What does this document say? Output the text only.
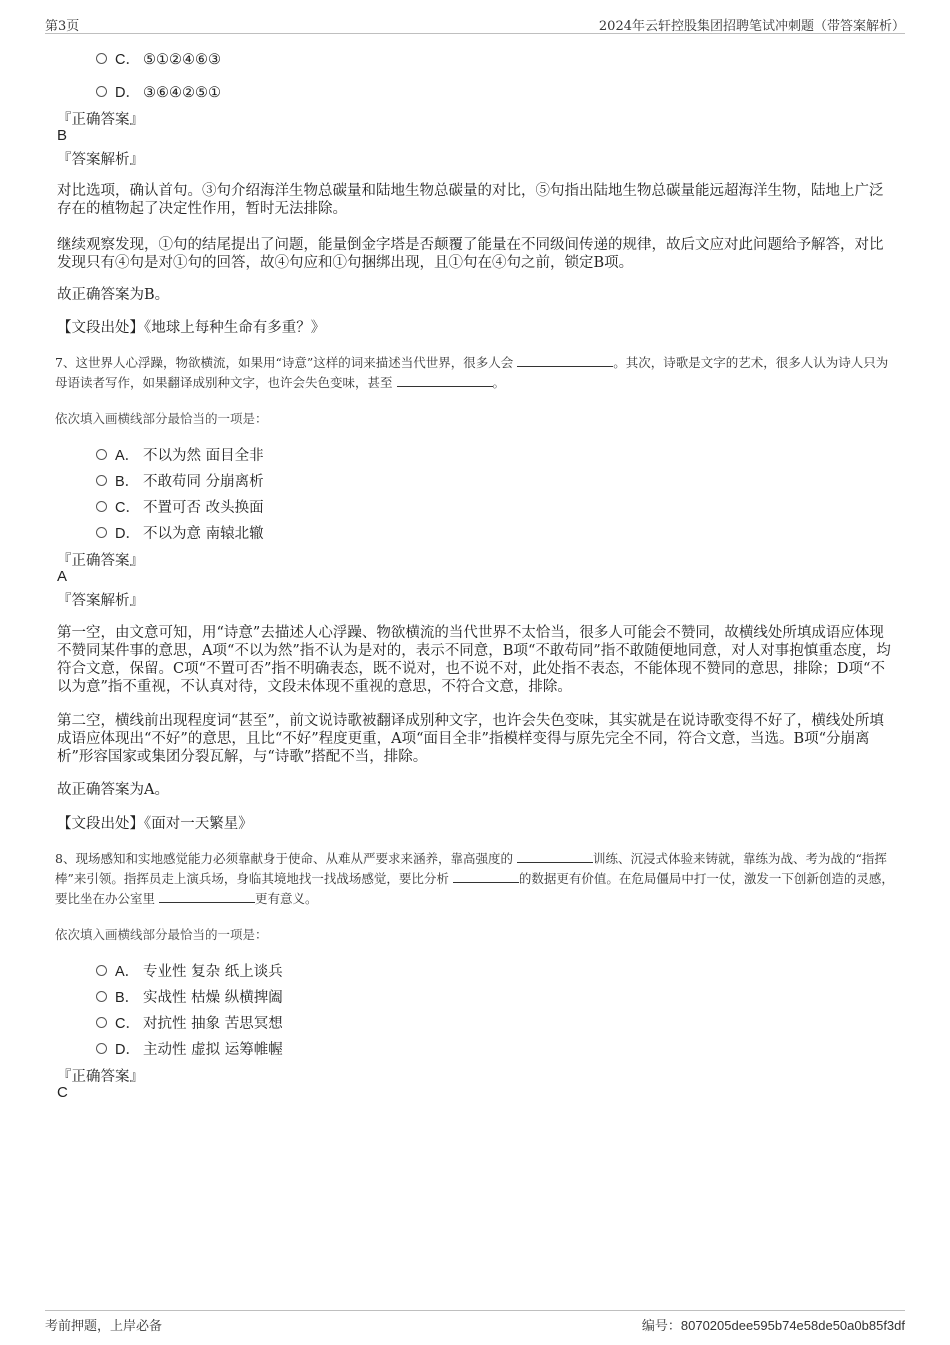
第3页	2024年云轩控股集团招聘笔试冲刺题（带答案解析）
C． ⑤①②④⑥③
D． ③⑥④②⑤①
『正确答案』
B
『答案解析』
对比选项，确认首句。③句介绍海洋生物总碳量和陆地生物总碳量的对比，⑤句指出陆地生物总碳量能远超海洋生物，陆地上广泛存在的植物起了决定性作用，暂时无法排除。
继续观察发现，①句的结尾提出了问题，能量倒金字塔是否颠覆了能量在不同级间传递的规律，故后文应对此问题给予解答，对比发现只有④句是对①句的回答，故④句应和①句捆绑出现，且①句在④句之前，锁定B项。
故正确答案为B。
【文段出处】《地球上每种生命有多重？》
7、这世界人心浮躁，物欲横流，如果用“诗意”这样的词来描述当代世界，很多人会	。其次，诗歌是文字的艺术，很多人认为诗人只为母语读者写作，如果翻译成别种文字，也许会失色变味，甚至	。
依次填入画横线部分最恰当的一项是：
A． 不以为然 面目全非
B． 不敢苟同 分崩离析
C． 不置可否 改头换面
D． 不以为意 南辕北辙
『正确答案』
A
『答案解析』
第一空，由文意可知，用“诗意”去描述人心浮躁、物欲横流的当代世界不太恰当，很多人可能会不赞同，故横线处所填成语应体现不赞同某件事的意思，A项“不以为然”指不认为是对的，表示不同意，B项“不敢苟同”指不敢随便地同意，对人对事抱慎重态度，均符合文意，保留。C项“不置可否”指不明确表态，既不说对，也不说不对，此处指不表态，不能体现不赞同的意思，排除；D项“不以为意”指不重视，不认真对待，文段未体现不重视的意思，不符合文意，排除。
第二空，横线前出现程度词“甚至”，前文说诗歌被翻译成别种文字，也许会失色变味，其实就是在说诗歌变得不好了，横线处所填成语应体现出“不好”的意思，且比“不好”程度更重，A项“面目全非”指模样变得与原先完全不同，符合文意，当选。B项“分崩离析”形容国家或集团分裂瓦解，与“诗歌”搭配不当，排除。
故正确答案为A。
【文段出处】《面对一天繁星》
8、现场感知和实地感觉能力必须靠献身于使命、从难从严要求来涵养，靠高强度的	训练、沉浸式体验来铸就，靠练为战、考为战的“指挥棒”来引领。指挥员走上演兵场，身临其境地找一找战场感觉，要比分析	的数据更有价值。在危局僵局中打一仗，激发一下创新创造的灵感，要比坐在办公室里	更有意义。
依次填入画横线部分最恰当的一项是：
A． 专业性 复杂 纸上谈兵
B． 实战性 枯燥 纵横捭阖
C． 对抗性 抽象 苦思冥想
D． 主动性 虚拟 运筹帷幄
『正确答案』
C
考前押题，上岸必备	编号：8070205dee595b74e58de50a0b85f3df
